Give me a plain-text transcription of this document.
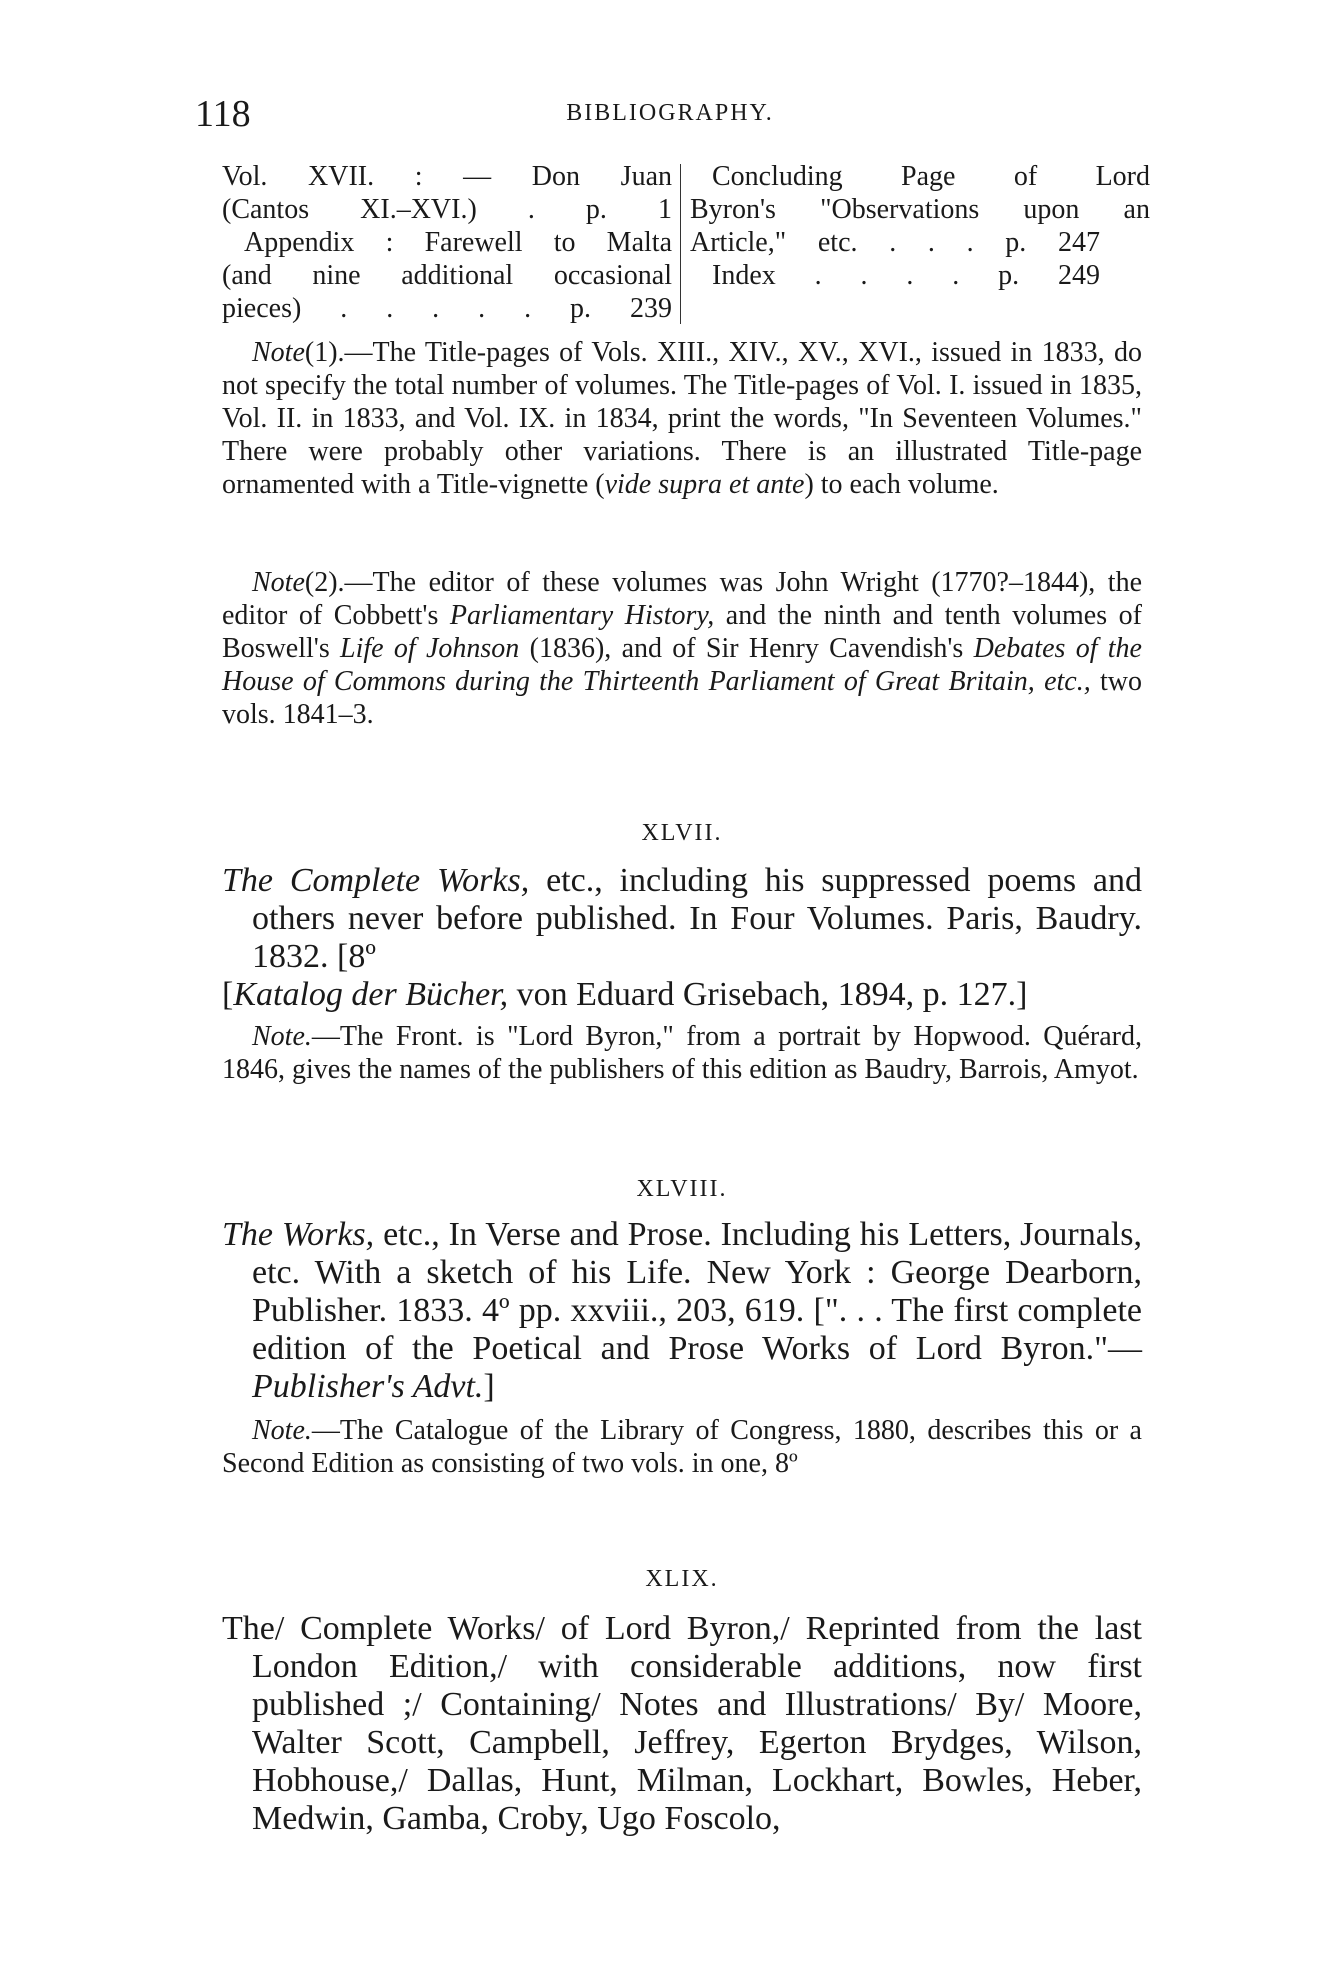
118	BIBLIOGRAPHY.
Vol. XVII. : — Don Juan
(Cantos XI.–XVI.) . p. 1
Appendix : Farewell to Malta
(and nine additional occasional
pieces) . . . . . p. 239
Concluding Page of Lord
Byron's "Observations upon an
Article," etc. . . . p. 247
Index . . . . p. 249

Note(1).—The Title-pages of Vols. XIII., XIV., XV., XVI., issued in 1833, do not specify the total number of volumes. The Title-pages of Vol. I. issued in 1835, Vol. II. in 1833, and Vol. IX. in 1834, print the words, "In Seventeen Volumes." There were probably other variations. There is an illustrated Title-page ornamented with a Title-vignette (vide supra et ante) to each volume.

Note(2).—The editor of these volumes was John Wright (1770?–1844), the editor of Cobbett's Parliamentary History, and the ninth and tenth volumes of Boswell's Life of Johnson (1836), and of Sir Henry Cavendish's Debates of the House of Commons during the Thirteenth Parliament of Great Britain, etc., two vols. 1841–3.

XLVII.

The Complete Works, etc., including his suppressed poems and others never before published. In Four Volumes. Paris, Baudry. 1832. [8º

[Katalog der Bücher, von Eduard Grisebach, 1894, p. 127.]

Note.—The Front. is "Lord Byron," from a portrait by Hopwood. Quérard, 1846, gives the names of the publishers of this edition as Baudry, Barrois, Amyot.

XLVIII.

The Works, etc., In Verse and Prose. Including his Letters, Journals, etc. With a sketch of his Life. New York : George Dearborn, Publisher. 1833. 4º pp. xxviii., 203, 619. [". . . The first complete edition of the Poetical and Prose Works of Lord Byron."—Publisher's Advt.]

Note.—The Catalogue of the Library of Congress, 1880, describes this or a Second Edition as consisting of two vols. in one, 8º

XLIX.

The/ Complete Works/ of Lord Byron,/ Reprinted from the last London Edition,/ with considerable additions, now first published ;/ Containing/ Notes and Illustrations/ By/ Moore, Walter Scott, Campbell, Jeffrey, Egerton Brydges, Wilson, Hobhouse,/ Dallas, Hunt, Milman, Lockhart, Bowles, Heber, Medwin, Gamba, Croby, Ugo Foscolo,
